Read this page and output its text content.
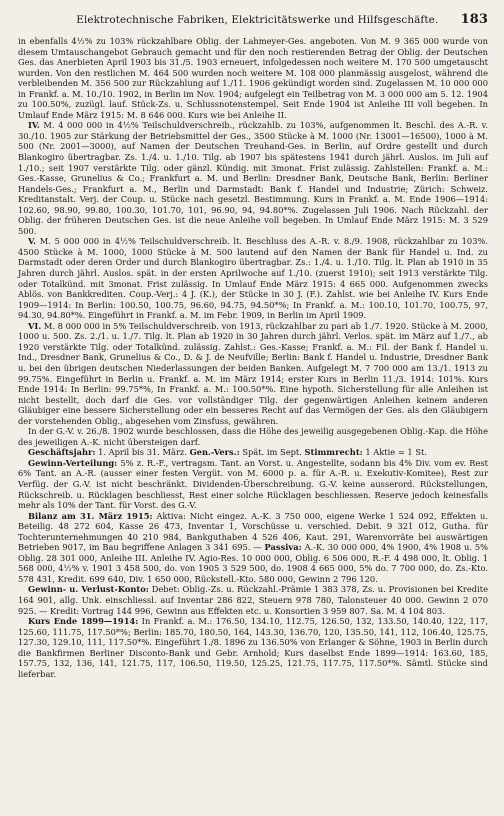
Elektrotechnische Fabriken, Elektricitätswerke und Hilfsgeschäfte.	183

in ebenfalls 4½% zu 103% rückzahlbare Oblig. der Lahmeyer-Ges. angeboten. Von M. 9 365 000 wurde von diesem Umtauschangebot Gebrauch gemacht und für den noch restierenden Betrag der Oblig. der Deutschen Ges. das Anerbieten April 1903 bis 31./5. 1903 erneuert, infolgedessen noch weitere M. 170 500 umgetauscht wurden. Von den restlichen M. 464 500 wurden noch weitere M. 108 000 planmässig ausgelost, während die verbleibenden M. 356 500 zur Rückzahlung auf 1./11. 1906 gekündigt worden sind. Zugelassen M. 10 000 000 in Frankf. a. M. 10./10. 1902, in Berlin im Nov. 1904; aufgelegt ein Teilbetrag von M. 3 000 000 am 5. 12. 1904 zu 100.50%, zuzügl. lauf. Stück-Zs. u. Schlussnotenstempel. Seit Ende 1904 ist Anleihe III voll begeben. In Umlauf Ende März 1915: M. 8 646 000. Kurs wie bei Anleihe II.

IV. M. 4 000 000 in 4½% Teilschuldverschreib., rückzahlb. zu 103%, aufgenommen lt. Beschl. des A.-R. v. 30./10. 1905 zur Stärkung der Betriebsmittel der Ges., 3500 Stücke à M. 1000 (Nr. 13001—16500), 1000 à M. 500 (Nr. 2001—3000), auf Namen der Deutschen Treuhand-Ges. in Berlin, auf Ordre gestellt und durch Blankogiro übertragbar. Zs. 1./4. u. 1./10. Tilg. ab 1907 bis spätestens 1941 durch jährl. Auslos. im Juli auf 1./10.; seit 1907 verstärkte Tilg. oder gänzl. Kündig. mit 3monat. Frist zulässig. Zahlstellen: Frankf. a. M.: Ges.-Kasse, Grunelius & Co.; Frankfurt a. M. und Berlin: Dresdner Bank, Deutsche Bank, Berlin: Berliner Handels-Ges.; Frankfurt a. M., Berlin und Darmstadt: Bank f. Handel und Industrie; Zürich: Schweiz. Kreditanstalt. Verj. der Coup. u. Stücke nach gesetzl. Bestimmung. Kurs in Frankf. a. M. Ende 1906—1914: 102.60, 98.90, 99.80, 100.30, 101.70, 101, 96.90, 94, 94.80*%. Zugelassen Juli 1906. Nach Rückzahl. der Oblig. der früheren Deutschen Ges. ist die neue Anleihe voll begeben. In Umlauf Ende März 1915: M. 3 529 500.

V. M. 5 000 000 in 4½% Teilschuldverschreib. lt. Beschluss des A.-R. v. 8./9. 1908, rückzahlbar zu 103%. 4500 Stücke à M. 1000, 1000 Stücke à M. 500 lautend auf den Namen der Bank für Handel u. Ind. zu Darmstadt oder deren Order und durch Blankogiro übertragbar. Zs.: 1./4. u. 1./10. Tilg. lt. Plan ab 1910 in 35 Jahren durch jährl. Auslos. spät. in der ersten Aprilwoche auf 1./10. (zuerst 1910); seit 1913 verstärkte Tilg. oder Totalkünd. mit 3monat. Frist zulässig. In Umlauf Ende März 1915: 4 665 000. Aufgenommen zwecks Ablös. von Bankkrediten. Coup.-Verj.: 4 J. (K.), der Stücke in 30 J. (F.). Zahlst. wie bei Anleihe IV. Kurs Ende 1909—1914: In Berlin: 100.50, 100.75, 96.60, 94.75, 94.50*%; In Frankf. a. M.: 100.10, 101.70, 100.75, 97, 94.30, 94.80*%. Eingeführt in Frankf. a. M. im Febr. 1909, in Berlin im April 1909.

VI. M. 8 000 000 in 5% Teilschuldverschreib. von 1913, rückzahlbar zu pari ab 1./7. 1920. Stücke à M. 2000, 1000 u. 500. Zs. 2./1. u. 1./7. Tilg. lt. Plan ab 1920 in 30 Jahren durch jährl. Verlos. spät. im März auf 1./7., ab 1920 verstärkte Tilg. oder Totalkünd. zulässig. Zahlst.: Ges.-Kasse; Frankf. a. M.: Fil. der Bank f. Handel u. Ind., Dresdner Bank, Grunelius & Co., D. & J. de Neufville; Berlin: Bank f. Handel u. Industrie, Dresdner Bank u. bei den übrigen deutschen Niederlassungen der beiden Banken. Aufgelegt M. 7 700 000 am 13./1. 1913 zu 99.75%. Eingeführt in Berlin u. Frankf. a. M. im März 1914; erster Kurs in Berlin 11./3. 1914: 101%. Kurs Ende 1914: In Berlin: 99.75*%, In Frankf. a. M.: 100.50*%. Eine hypoth. Sicherstellung für alle Anleihen ist nicht bestellt, doch darf die Ges. vor vollständiger Tilg. der gegenwärtigen Anleihen keinem anderen Gläubiger eine bessere Sicherstellung oder ein besseres Recht auf das Vermögen der Ges. als den Gläubigern der vorstehenden Oblig., abgesehen vom Zinsfuss, gewähren.

In der G.-V. v. 26./8. 1902 wurde beschlossen, dass die Höhe des jeweilig ausgegebenen Oblig.-Kap. die Höhe des jeweiligen A.-K. nicht übersteigen darf.

Geschäftsjahr: 1. April bis 31. März. Gen.-Vers.: Spät. im Sept. Stimmrecht: 1 Aktie = 1 St.

Gewinn-Verteilung: 5% z. R.-F., vertragsm. Tant. an Vorst. u. Angestellte, sodann bis 4% Div. vom ev. Rest 6% Tant. an A.-R. (ausser einer festen Vergüt. von M. 6000 p. a. für A.-R. u. Exekutiv-Komitee), Rest zur Verfüg. der G.-V. ist nicht beschränkt. Dividenden-Überschreibung. G.-V. keine ausserord. Rückstellungen, Rückschreib. u. Rücklagen beschliesst, Rest einer solche Rücklagen beschliessen. Reserve jedoch keinesfalls mehr als 10% der Tant. für Vorst. des G.-V.

Bilanz am 31. März 1915: Aktiva: Nicht eingez. A.-K. 3 750 000, eigene Werke 1 524 092, Effekten u. Beteilig. 48 272 604, Kasse 26 473, Inventar 1, Vorschüsse u. verschied. Debit. 9 321 012, Gutha. für Tochterunternehmungen 40 210 984, Bankguthaben 4 526 406, Kaut. 291, Warenvorräte bei auswärtigen Betrieben 9017, im Bau begriffene Anlagen 3 341 695. — Passiva: A.-K. 30 000 000, 4% 1900, 4% 1908 u. 5% Oblig. 28 301 000, Anleihe III. Anleihe IV. Agio-Res. 10 000 000, Oblig. 6 506 000, R.-F. 4 498 000, lt. Oblig. 1 568 000, 4½% v. 1901 3 458 500, do. von 1905 3 529 500, do. 1908 4 665 000, 5% do. 7 700 000, do. Zs.-Kto. 578 431, Kredit. 699 640, Div. 1 650 000, Rückstell.-Kto. 580 000, Gewinn 2 796 120.

Gewinn- u. Verlust-Konto: Debet: Oblig.-Zs. u. Rückzahl.-Prämie 1 383 378, Zs. u. Provisionen bei Kredite 164 901, allg. Unk. einschliessl. auf Inventar 286 822, Steuern 978 780, Talonsteuer 40 000. Gewinn 2 070 925. — Kredit: Vortrag 144 996, Gewinn aus Effekten etc. u. Konsortien 3 959 807. Sa. M. 4 104 803.

Kurs Ende 1899—1914: In Frankf. a. M.: 176.50, 134.10, 112.75, 126.50, 132, 133.50, 140.40, 122, 117, 125.60, 111.75, 117.50*%; Berlin: 185.70, 180.50, 164, 143.30, 136.70, 120, 135.50, 141, 112, 106.40, 125.75, 127.30, 129.10, 111, 117.50*%. Eingeführt 1./8. 1896 zu 136.50% von Erlanger & Söhne, 1903 in Berlin durch die Bankfirmen Berliner Disconto-Bank und Gebr. Arnhold; Kurs daselbst Ende 1899—1914: 163.60, 185, 157.75, 132, 136, 141, 121.75, 117, 106.50, 119.50, 125.25, 121.75, 117.75, 117.50*%. Sämtl. Stücke sind lieferbar.
